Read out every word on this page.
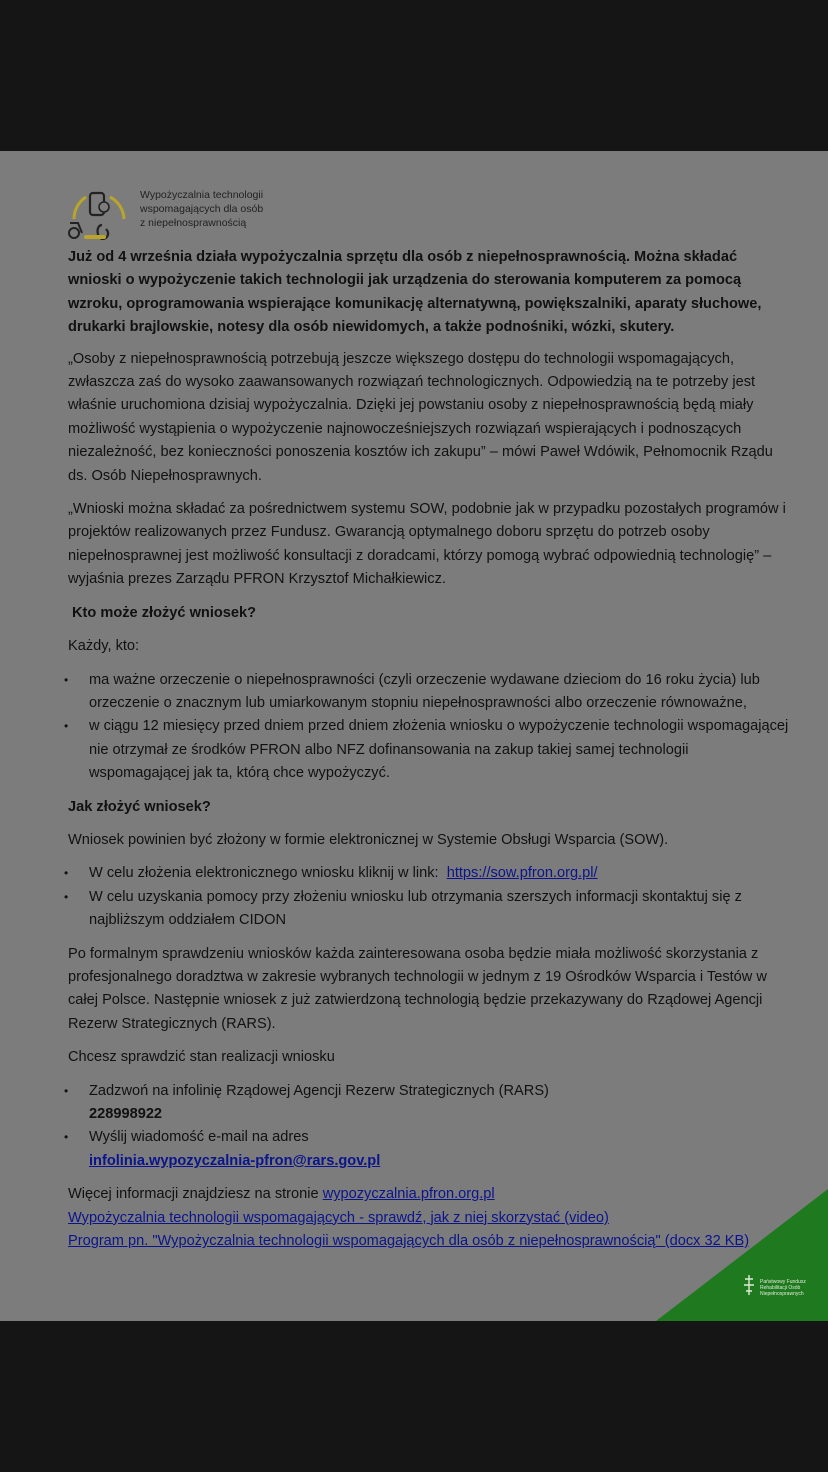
Wypożyczalnia technologii
wspomagających dla osób
z niepełnosprawnością

Już od 4 września działa wypożyczalnia sprzętu dla osób z niepełnosprawnością. Można składać wnioski o wypożyczenie takich technologii jak urządzenia do sterowania komputerem za pomocą wzroku, oprogramowania wspierające komunikację alternatywną, powiększalniki, aparaty słuchowe, drukarki brajlowskie, notesy dla osób niewidomych, a także podnośniki, wózki, skutery.

„Osoby z niepełnosprawnością potrzebują jeszcze większego dostępu do technologii wspomagających, zwłaszcza zaś do wysoko zaawansowanych rozwiązań technologicznych. Odpowiedzią na te potrzeby jest właśnie uruchomiona dzisiaj wypożyczalnia. Dzięki jej powstaniu osoby z niepełnosprawnością będą miały możliwość wystąpienia o wypożyczenie najnowocześniejszych rozwiązań wspierających i podnoszących niezależność, bez konieczności ponoszenia kosztów ich zakupu” – mówi Paweł Wdówik, Pełnomocnik Rządu ds. Osób Niepełnosprawnych.

„Wnioski można składać za pośrednictwem systemu SOW, podobnie jak w przypadku pozostałych programów i projektów realizowanych przez Fundusz. Gwarancją optymalnego doboru sprzętu do potrzeb osoby niepełnosprawnej jest możliwość konsultacji z doradcami, którzy pomogą wybrać odpowiednią technologię” – wyjaśnia prezes Zarządu PFRON Krzysztof Michałkiewicz.

Kto może złożyć wniosek?

Każdy, kto:

• ma ważne orzeczenie o niepełnosprawności (czyli orzeczenie wydawane dzieciom do 16 roku życia) lub orzeczenie o znacznym lub umiarkowanym stopniu niepełnosprawności albo orzeczenie równoważne,
• w ciągu 12 miesięcy przed dniem przed dniem złożenia wniosku o wypożyczenie technologii wspomagającej nie otrzymał ze środków PFRON albo NFZ dofinansowania na zakup takiej samej technologii wspomagającej jak ta, którą chce wypożyczyć.

Jak złożyć wniosek?

Wniosek powinien być złożony w formie elektronicznej w Systemie Obsługi Wsparcia (SOW).

• W celu złożenia elektronicznego wniosku kliknij w link: https://sow.pfron.org.pl/
• W celu uzyskania pomocy przy złożeniu wniosku lub otrzymania szerszych informacji skontaktuj się z najbliższym oddziałem CIDON

Po formalnym sprawdzeniu wniosków każda zainteresowana osoba będzie miała możliwość skorzystania z profesjonalnego doradztwa w zakresie wybranych technologii w jednym z 19 Ośrodków Wsparcia i Testów w całej Polsce. Następnie wniosek z już zatwierdzoną technologią będzie przekazywany do Rządowej Agencji Rezerw Strategicznych (RARS).

Chcesz sprawdzić stan realizacji wniosku

• Zadzwoń na infolinię Rządowej Agencji Rezerw Strategicznych (RARS)
228998922
• Wyślij wiadomość e-mail na adres
infolinia.wypozyczalnia-pfron@rars.gov.pl
Więcej informacji znajdziesz na stronie wypozyczalnia.pfron.org.pl
Wypożyczalnia technologii wspomagających - sprawdź, jak z niej skorzystać (video)
Program pn. "Wypożyczalnia technologii wspomagających dla osób z niepełnosprawnością" (docx 32 KB)
Państwowy Fundusz
Rehabilitacji Osób
Niepełnosprawnych
